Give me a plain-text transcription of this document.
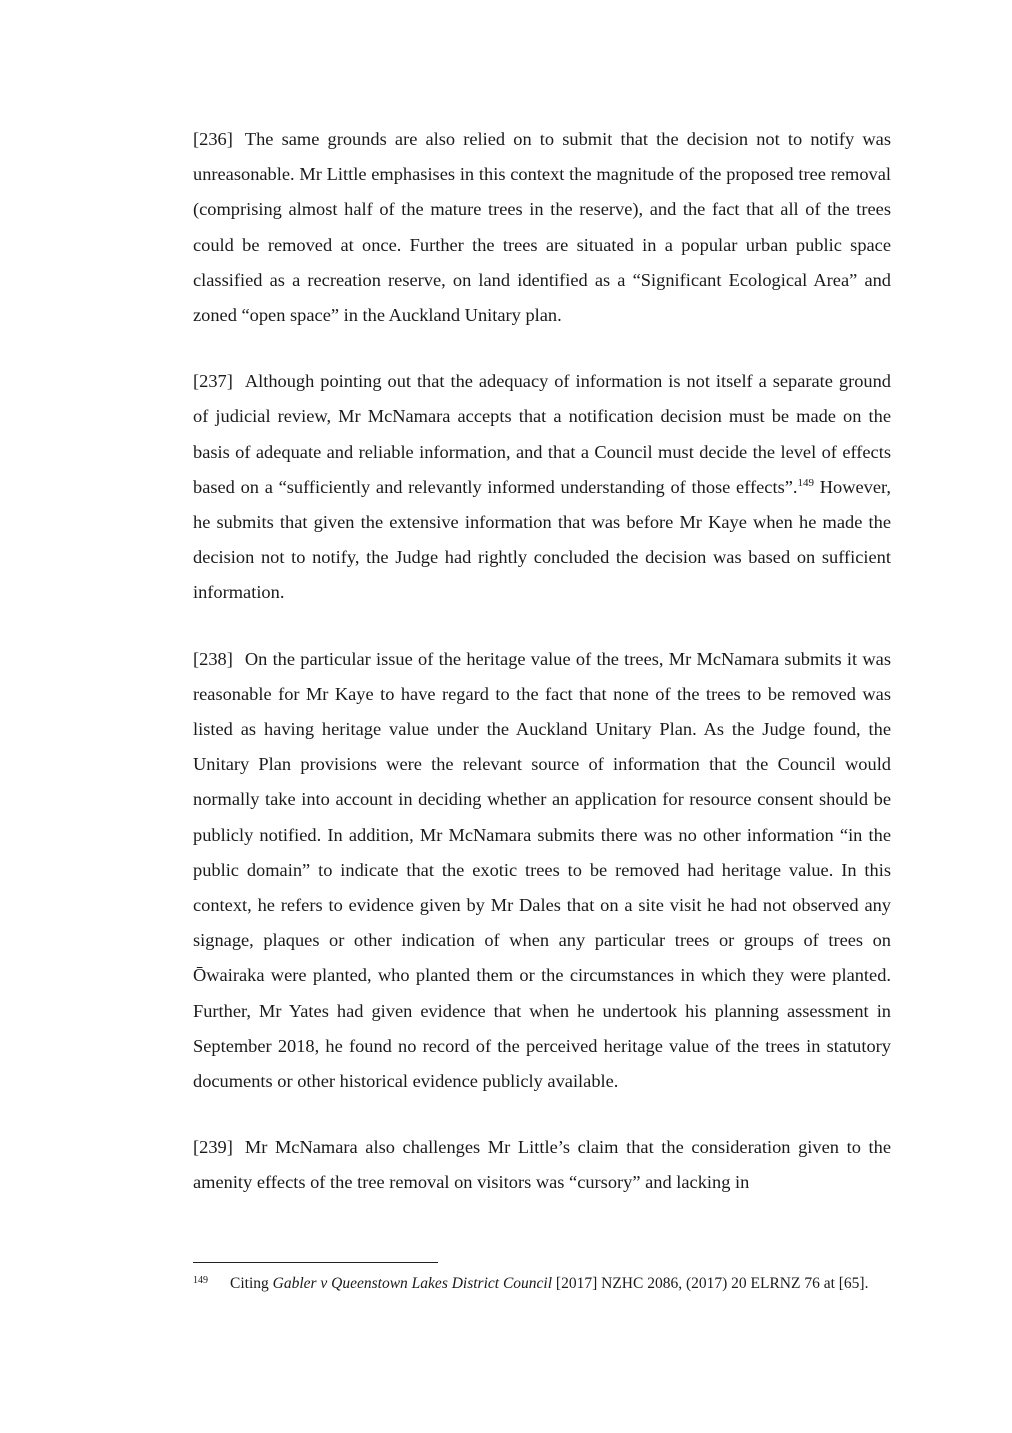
[236] The same grounds are also relied on to submit that the decision not to notify was unreasonable. Mr Little emphasises in this context the magnitude of the proposed tree removal (comprising almost half of the mature trees in the reserve), and the fact that all of the trees could be removed at once. Further the trees are situated in a popular urban public space classified as a recreation reserve, on land identified as a “Significant Ecological Area” and zoned “open space” in the Auckland Unitary plan.

[237] Although pointing out that the adequacy of information is not itself a separate ground of judicial review, Mr McNamara accepts that a notification decision must be made on the basis of adequate and reliable information, and that a Council must decide the level of effects based on a “sufficiently and relevantly informed understanding of those effects”.$^{149}$ However, he submits that given the extensive information that was before Mr Kaye when he made the decision not to notify, the Judge had rightly concluded the decision was based on sufficient information.

[238] On the particular issue of the heritage value of the trees, Mr McNamara submits it was reasonable for Mr Kaye to have regard to the fact that none of the trees to be removed was listed as having heritage value under the Auckland Unitary Plan. As the Judge found, the Unitary Plan provisions were the relevant source of information that the Council would normally take into account in deciding whether an application for resource consent should be publicly notified. In addition, Mr McNamara submits there was no other information “in the public domain” to indicate that the exotic trees to be removed had heritage value. In this context, he refers to evidence given by Mr Dales that on a site visit he had not observed any signage, plaques or other indication of when any particular trees or groups of trees on Ōwairaka were planted, who planted them or the circumstances in which they were planted. Further, Mr Yates had given evidence that when he undertook his planning assessment in September 2018, he found no record of the perceived heritage value of the trees in statutory documents or other historical evidence publicly available.

[239] Mr McNamara also challenges Mr Little’s claim that the consideration given to the amenity effects of the tree removal on visitors was “cursory” and lacking in

149 Citing Gabler v Queenstown Lakes District Council [2017] NZHC 2086, (2017) 20 ELRNZ 76 at [65].
